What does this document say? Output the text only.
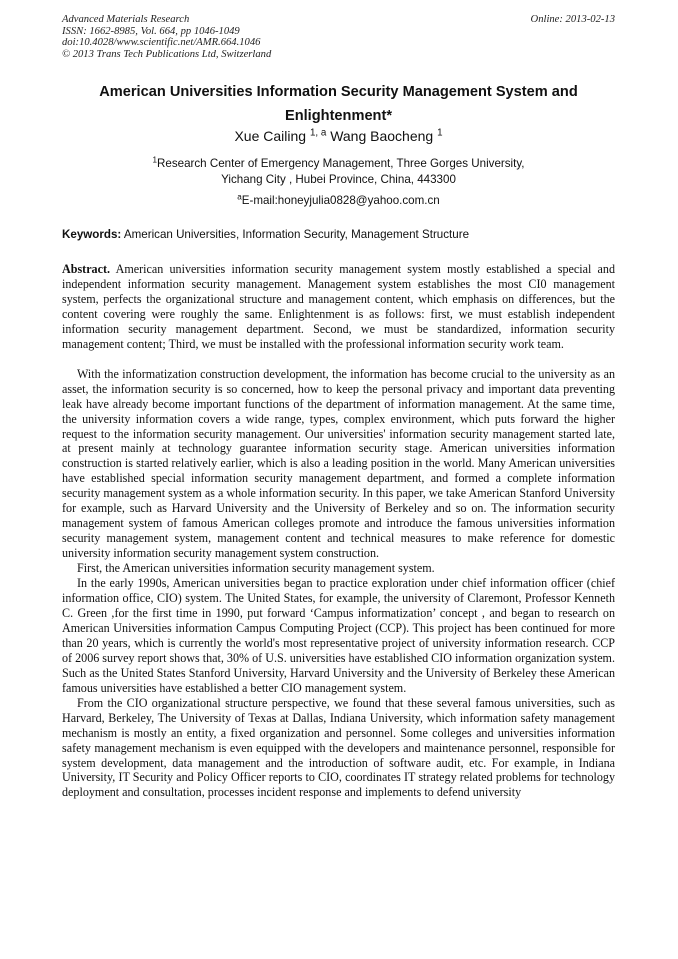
Advanced Materials Research
ISSN: 1662-8985, Vol. 664, pp 1046-1049
doi:10.4028/www.scientific.net/AMR.664.1046
© 2013 Trans Tech Publications Ltd, Switzerland
Online: 2013-02-13
American Universities Information Security Management System and Enlightenment*
Xue Cailing $^{1, a}$ Wang Baocheng $^1$
$^1$Research Center of Emergency Management, Three Gorges University,
Yichang City , Hubei Province, China, 443300
$^a$E-mail:honeyjulia0828@yahoo.com.cn
Keywords: American Universities, Information Security, Management Structure

Abstract. American universities information security management system mostly established a special and independent information security management. Management system establishes the most CI0 management system, perfects the organizational structure and management content, which emphasis on differences, but the content covering were roughly the same. Enlightenment is as follows: first, we must establish independent information security management department. Second, we must be standardized, information security management content; Third, we must be installed with the professional information security work team.

With the informatization construction development, the information has become crucial to the university as an asset, the information security is so concerned, how to keep the personal privacy and important data preventing leak have already become important functions of the department of information management. At the same time, the university information covers a wide range, types, complex environment, which puts forward the higher request to the information security management. Our universities' information security management started late, at present mainly at technology guarantee information security stage. American universities information construction is started relatively earlier, which is also a leading position in the world. Many American universities have established special information security management department, and formed a complete information security management system as a whole information security. In this paper, we take American Stanford University for example, such as Harvard University and the University of Berkeley and so on. The information security management system of famous American colleges promote and introduce the famous universities information security management system, management content and technical measures to make reference for domestic university information security management system construction.

First, the American universities information security management system.

In the early 1990s, American universities began to practice exploration under chief information officer (chief information office, CIO) system. The United States, for example, the university of Claremont, Professor Kenneth C. Green ,for the first time in 1990, put forward ‘Campus informatization’ concept , and began to research on American Universities information Campus Computing Project (CCP). This project has been continued for more than 20 years, which is currently the world's most representative project of university information research. CCP of 2006 survey report shows that, 30% of U.S. universities have established CIO information organization system. Such as the United States Stanford University, Harvard University and the University of Berkeley these American famous universities have established a better CIO management system.

From the CIO organizational structure perspective, we found that these several famous universities, such as Harvard, Berkeley, The University of Texas at Dallas, Indiana University, which information safety management mechanism is mostly an entity, a fixed organization and personnel. Some colleges and universities information safety management mechanism is even equipped with the developers and maintenance personnel, responsible for system development, data management and the introduction of software audit, etc. For example, in Indiana University, IT Security and Policy Officer reports to CIO, coordinates IT strategy related problems for technology deployment and consultation, processes incident response and implements to defend university
